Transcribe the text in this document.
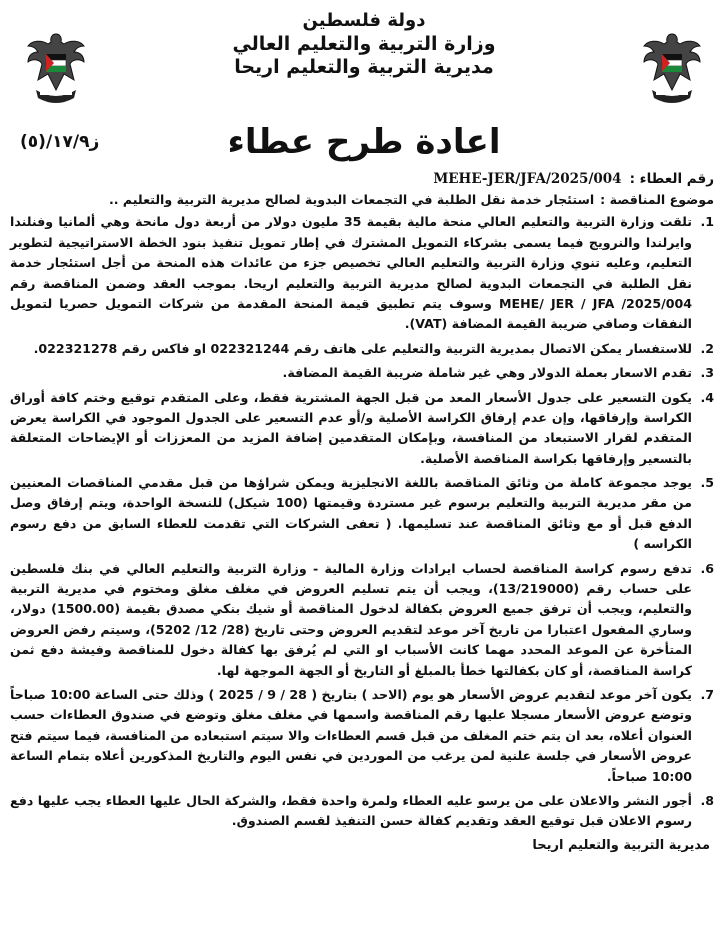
دولة فلسطين
وزارة التربية والتعليم العالي
مديرية التربية والتعليم اريحا
اعادة طرح عطاء
ز١٧/٩/(٥)
رقم العطاء :
MEHE-JER/JFA/2025/004
موضوع المناقصة :
استئجار خدمة نقل الطلبة في التجمعات البدوية لصالح مديرية التربية والتعليم ..
1.
تلقت وزارة التربية والتعليم العالي منحة مالية بقيمة 35 مليون دولار من أربعة دول مانحة وهي ألمانيا وفنلندا وايرلندا والنرويج فيما يسمى بشركاء التمويل المشترك في إطار تمويل تنفيذ بنود الخطة الاستراتيجية لتطوير التعليم، وعليه تنوي وزارة التربية والتعليم العالي تخصيص جزء من عائدات هذه المنحة من أجل استئجار خدمة نقل الطلبة في التجمعات البدوية لصالح مديرية التربية والتعليم اريحا. بموجب العقد وضمن المناقصة رقم MEHE/ JER / JFA /2025/004 وسوف يتم تطبيق قيمة المنحة المقدمة من شركات التمويل حصريا لتمويل النفقات وصافي ضريبة القيمة المضافة (VAT).
2.
للاستفسار يمكن الاتصال بمديرية التربية والتعليم على هاتف رقم 022321244 او فاكس رقم 022321278.
3.
تقدم الاسعار بعملة الدولار وهي غير شاملة ضريبة القيمة المضافة.
4.
يكون التسعير على جدول الأسعار المعد من قبل الجهة المشترية فقط، وعلى المتقدم توقيع وختم كافة أوراق الكراسة وإرفاقها، وإن عدم إرفاق الكراسة الأصلية و/أو عدم التسعير على الجدول الموجود في الكراسة يعرض المتقدم لقرار الاستبعاد من المنافسة، وبإمكان المتقدمين إضافة المزيد من المعززات أو الإيضاحات المتعلقة بالتسعير وإرفاقها بكراسة المناقصة الأصلية.
5.
يوجد مجموعة كاملة من وثائق المناقصة باللغة الانجليزية ويمكن شراؤها من قبل مقدمي المناقصات المعنيين من مقر مديرية التربية والتعليم برسوم غير مستردة وقيمتها (100 شيكل) للنسخة الواحدة، ويتم إرفاق وصل الدفع قبل أو مع وثائق المناقصة عند تسليمها. ( تعفى الشركات التي تقدمت للعطاء السابق من دفع رسوم الكراسه )
6.
تدفع رسوم كراسة المناقصة لحساب ايرادات وزارة المالية - وزارة التربية والتعليم العالي في بنك فلسطين على حساب رقم (13/219000)، ويجب أن يتم تسليم العروض في مغلف مغلق ومختوم في مديرية التربية والتعليم، ويجب أن ترفق جميع العروض بكفالة لدخول المناقصة أو شيك بنكي مصدق بقيمة (1500.00) دولار، وساري المفعول اعتبارا من تاريخ آخر موعد لتقديم العروض وحتى تاريخ (28/ 12/ 5202)، وسيتم رفض العروض المتأخرة عن الموعد المحدد مهما كانت الأسباب او التي لم يُرفق بها كفالة دخول للمناقصة وفيشة دفع ثمن كراسة المناقصة، أو كان بكفالتها خطأ بالمبلغ أو التاريخ أو الجهة الموجهة لها.
7.
يكون آخر موعد لتقديم عروض الأسعار هو يوم (الاحد ) بتاريخ ( 28 / 9 / 2025 ) وذلك حتى الساعة 10:00 صباحاً وتوضع عروض الأسعار مسجلا عليها رقم المناقصة واسمها في مغلف مغلق وتوضع في صندوق العطاءات حسب العنوان أعلاه، بعد ان يتم ختم المغلف من قبل قسم العطاءات والا سيتم استبعاده من المنافسة، فيما سيتم فتح عروض الأسعار في جلسة علنية لمن يرغب من الموردين في نفس اليوم والتاريخ المذكورين أعلاه بتمام الساعة 10:00 صباحاً.
8.
أجور النشر والاعلان على من يرسو عليه العطاء ولمرة واحدة فقط، والشركة الحال عليها العطاء يجب عليها دفع رسوم الاعلان قبل توقيع العقد وتقديم كفالة حسن التنفيذ لقسم الصندوق.
مديرية التربية والتعليم اريحا
